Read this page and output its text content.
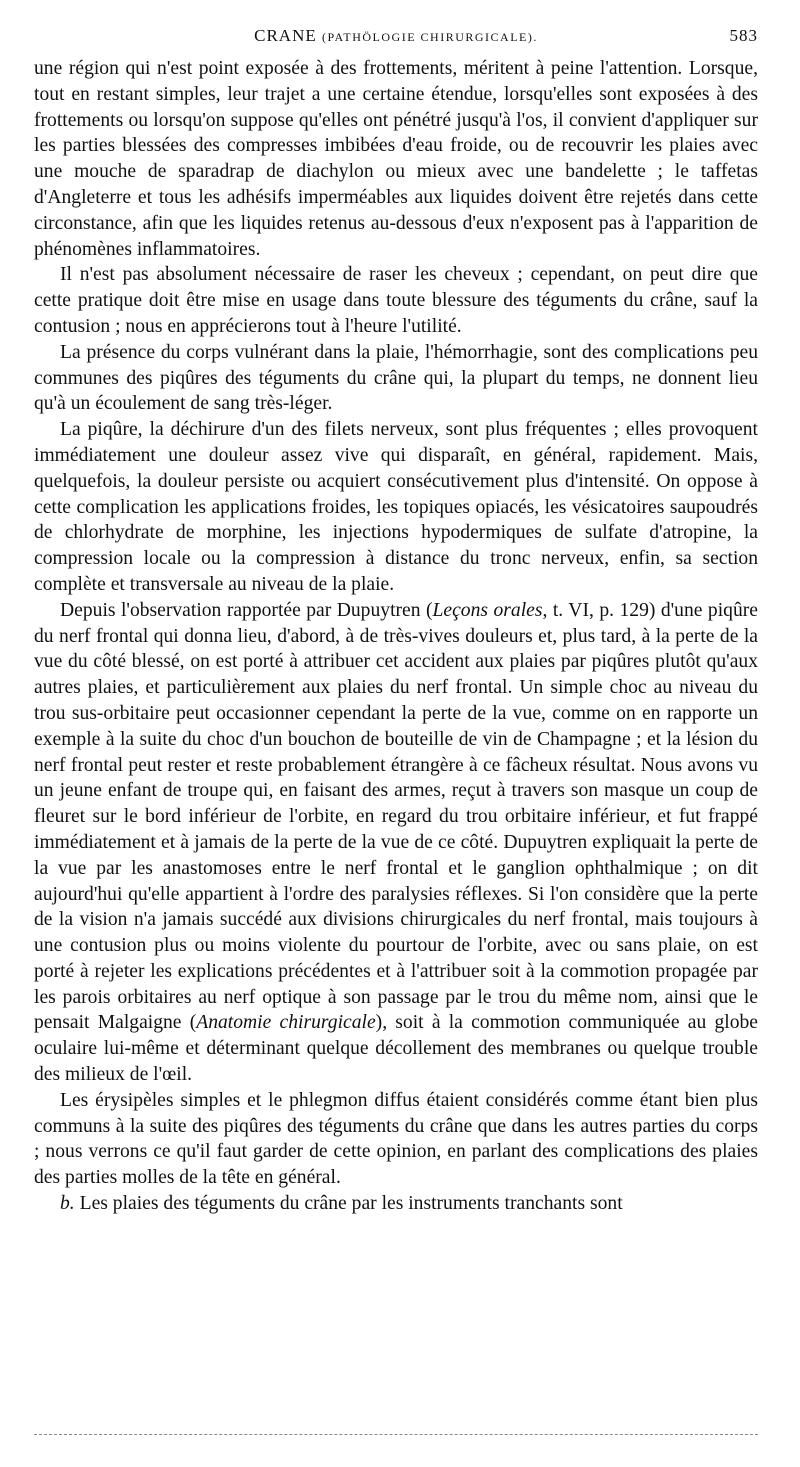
CRANE (PATHÖLOGIE CHIRURGICALE).	583

une région qui n'est point exposée à des frottements, méritent à peine l'attention. Lorsque, tout en restant simples, leur trajet a une certaine étendue, lorsqu'elles sont exposées à des frottements ou lorsqu'on suppose qu'elles ont pénétré jusqu'à l'os, il convient d'appliquer sur les parties blessées des compresses imbibées d'eau froide, ou de recouvrir les plaies avec une mouche de sparadrap de diachylon ou mieux avec une bandelette ; le taffetas d'Angleterre et tous les adhésifs imperméables aux liquides doivent être rejetés dans cette circonstance, afin que les liquides retenus au-dessous d'eux n'exposent pas à l'apparition de phénomènes inflammatoires.

Il n'est pas absolument nécessaire de raser les cheveux ; cependant, on peut dire que cette pratique doit être mise en usage dans toute blessure des téguments du crâne, sauf la contusion ; nous en apprécierons tout à l'heure l'utilité.

La présence du corps vulnérant dans la plaie, l'hémorrhagie, sont des complications peu communes des piqûres des téguments du crâne qui, la plupart du temps, ne donnent lieu qu'à un écoulement de sang très-léger.

La piqûre, la déchirure d'un des filets nerveux, sont plus fréquentes ; elles provoquent immédiatement une douleur assez vive qui disparaît, en général, rapidement. Mais, quelquefois, la douleur persiste ou acquiert consécutivement plus d'intensité. On oppose à cette complication les applications froides, les topiques opiacés, les vésicatoires saupoudrés de chlorhydrate de morphine, les injections hypodermiques de sulfate d'atropine, la compression locale ou la compression à distance du tronc nerveux, enfin, sa section complète et transversale au niveau de la plaie.

Depuis l'observation rapportée par Dupuytren (Leçons orales, t. VI, p. 129) d'une piqûre du nerf frontal qui donna lieu, d'abord, à de très-vives douleurs et, plus tard, à la perte de la vue du côté blessé, on est porté à attribuer cet accident aux plaies par piqûres plutôt qu'aux autres plaies, et particulièrement aux plaies du nerf frontal. Un simple choc au niveau du trou sus-orbitaire peut occasionner cependant la perte de la vue, comme on en rapporte un exemple à la suite du choc d'un bouchon de bouteille de vin de Champagne ; et la lésion du nerf frontal peut rester et reste probablement étrangère à ce fâcheux résultat. Nous avons vu un jeune enfant de troupe qui, en faisant des armes, reçut à travers son masque un coup de fleuret sur le bord inférieur de l'orbite, en regard du trou orbitaire inférieur, et fut frappé immédiatement et à jamais de la perte de la vue de ce côté. Dupuytren expliquait la perte de la vue par les anastomoses entre le nerf frontal et le ganglion ophthalmique ; on dit aujourd'hui qu'elle appartient à l'ordre des paralysies réflexes. Si l'on considère que la perte de la vision n'a jamais succédé aux divisions chirurgicales du nerf frontal, mais toujours à une contusion plus ou moins violente du pourtour de l'orbite, avec ou sans plaie, on est porté à rejeter les explications précédentes et à l'attribuer soit à la commotion propagée par les parois orbitaires au nerf optique à son passage par le trou du même nom, ainsi que le pensait Malgaigne (Anatomie chirurgicale), soit à la commotion communiquée au globe oculaire lui-même et déterminant quelque décollement des membranes ou quelque trouble des milieux de l'œil.

Les érysipèles simples et le phlegmon diffus étaient considérés comme étant bien plus communs à la suite des piqûres des téguments du crâne que dans les autres parties du corps ; nous verrons ce qu'il faut garder de cette opinion, en parlant des complications des plaies des parties molles de la tête en général.

b. Les plaies des téguments du crâne par les instruments tranchants sont
